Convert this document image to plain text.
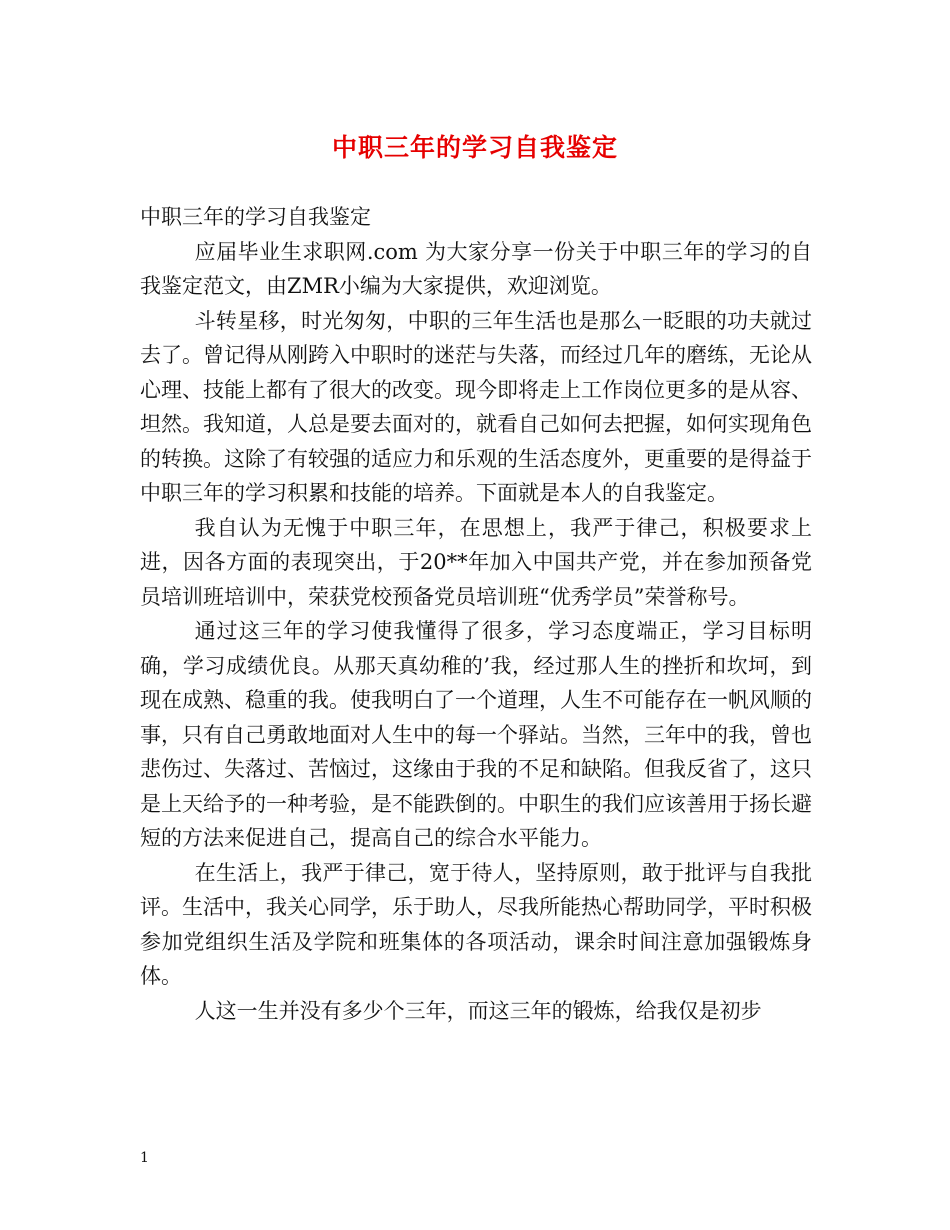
中职三年的学习自我鉴定

中职三年的学习自我鉴定

应届毕业生求职网.com 为大家分享一份关于中职三年的学习的自我鉴定范文，由ZMR小编为大家提供，欢迎浏览。

斗转星移，时光匆匆，中职的三年生活也是那么一眨眼的功夫就过去了。曾记得从刚跨入中职时的迷茫与失落，而经过几年的磨练，无论从心理、技能上都有了很大的改变。现今即将走上工作岗位更多的是从容、坦然。我知道，人总是要去面对的，就看自己如何去把握，如何实现角色的转换。这除了有较强的适应力和乐观的生活态度外，更重要的是得益于中职三年的学习积累和技能的培养。下面就是本人的自我鉴定。

我自认为无愧于中职三年，在思想上，我严于律己，积极要求上进，因各方面的表现突出，于20**年加入中国共产党，并在参加预备党员培训班培训中，荣获党校预备党员培训班“优秀学员”荣誉称号。

通过这三年的学习使我懂得了很多，学习态度端正，学习目标明确，学习成绩优良。从那天真幼稚的’我，经过那人生的挫折和坎坷，到现在成熟、稳重的我。使我明白了一个道理，人生不可能存在一帆风顺的事，只有自己勇敢地面对人生中的每一个驿站。当然，三年中的我，曾也悲伤过、失落过、苦恼过，这缘由于我的不足和缺陷。但我反省了，这只是上天给予的一种考验，是不能跌倒的。中职生的我们应该善用于扬长避短的方法来促进自己，提高自己的综合水平能力。

在生活上，我严于律己，宽于待人，坚持原则，敢于批评与自我批评。生活中，我关心同学，乐于助人，尽我所能热心帮助同学，平时积极参加党组织生活及学院和班集体的各项活动，课余时间注意加强锻炼身体。

人这一生并没有多少个三年，而这三年的锻炼，给我仅是初步

1
